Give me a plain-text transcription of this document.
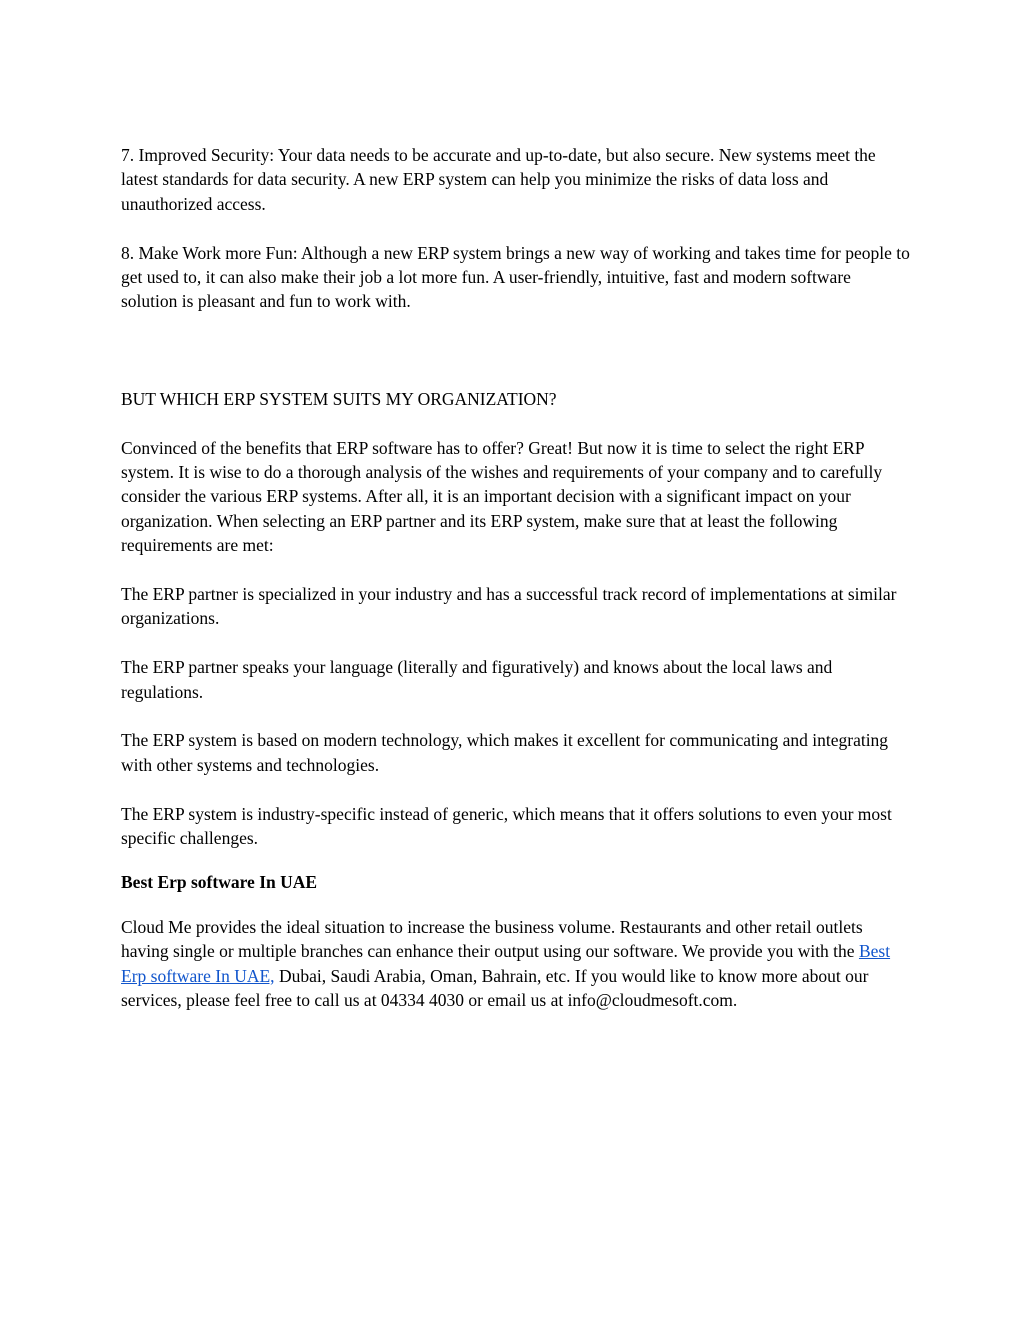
7. Improved Security: Your data needs to be accurate and up-to-date, but also secure. New systems meet the latest standards for data security. A new ERP system can help you minimize the risks of data loss and unauthorized access.

8. Make Work more Fun: Although a new ERP system brings a new way of working and takes time for people to get used to, it can also make their job a lot more fun. A user-friendly, intuitive, fast and modern software solution is pleasant and fun to work with.

BUT WHICH ERP SYSTEM SUITS MY ORGANIZATION?

Convinced of the benefits that ERP software has to offer? Great! But now it is time to select the right ERP system. It is wise to do a thorough analysis of the wishes and requirements of your company and to carefully consider the various ERP systems. After all, it is an important decision with a significant impact on your organization. When selecting an ERP partner and its ERP system, make sure that at least the following requirements are met:

The ERP partner is specialized in your industry and has a successful track record of implementations at similar organizations.

The ERP partner speaks your language (literally and figuratively) and knows about the local laws and regulations.

The ERP system is based on modern technology, which makes it excellent for communicating and integrating with other systems and technologies.

The ERP system is industry-specific instead of generic, which means that it offers solutions to even your most specific challenges.

Best Erp software In UAE

Cloud Me provides the ideal situation to increase the business volume. Restaurants and other retail outlets having single or multiple branches can enhance their output using our software. We provide you with the Best Erp software In UAE, Dubai, Saudi Arabia, Oman, Bahrain, etc. If you would like to know more about our services, please feel free to call us at 04334 4030 or email us at info@cloudmesoft.com.
